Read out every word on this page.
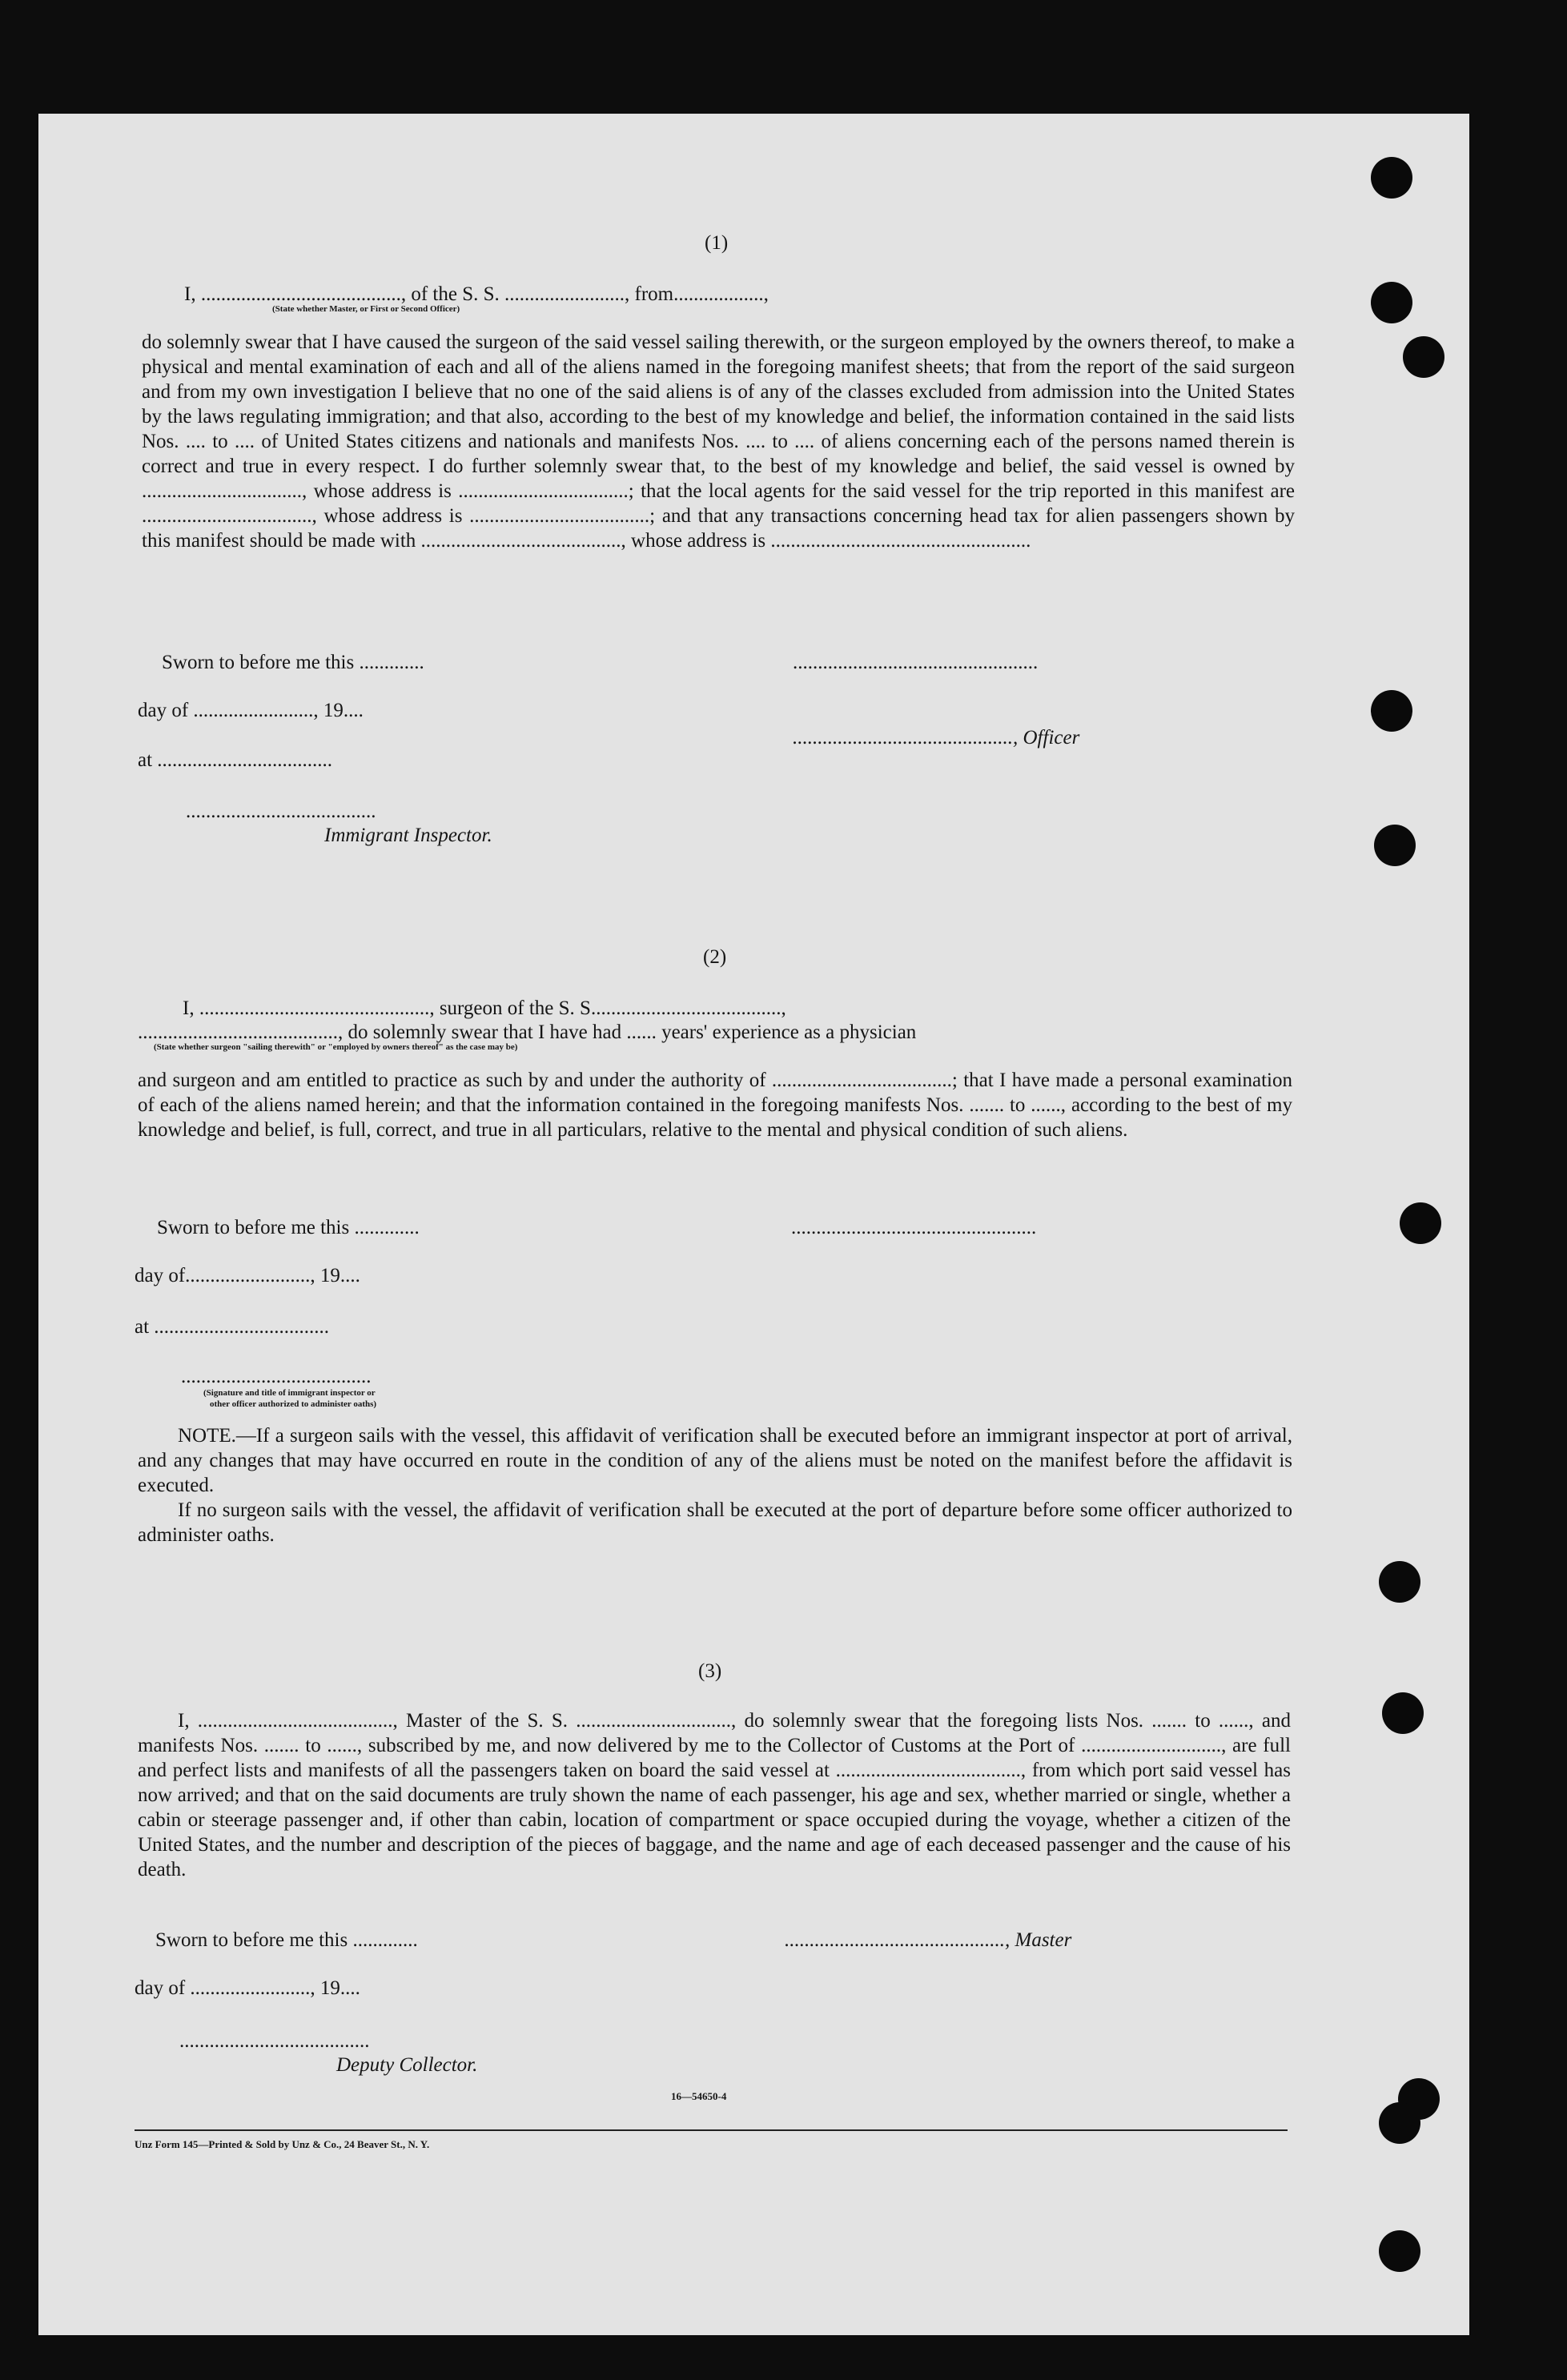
(1)
I, ........................................, of the S. S. ........................, from..................,
(State whether Master, or First or Second Officer)

do solemnly swear that I have caused the surgeon of the said vessel sailing therewith, or the surgeon employed by the owners thereof, to make a physical and mental examination of each and all of the aliens named in the foregoing manifest sheets; that from the report of the said surgeon and from my own investigation I believe that no one of the said aliens is of any of the classes excluded from admission into the United States by the laws regulating immigration; and that also, according to the best of my knowledge and belief, the information contained in the said lists Nos. .... to .... of United States citizens and nationals and manifests Nos. .... to .... of aliens concerning each of the persons named therein is correct and true in every respect. I do further solemnly swear that, to the best of my knowledge and belief, the said vessel is owned by ................................, whose address is ..................................; that the local agents for the said vessel for the trip reported in this manifest are .................................., whose address is ....................................; and that any transactions concerning head tax for alien passengers shown by this manifest should be made with ........................................, whose address is ....................................................

Sworn to before me this .............	.................................................
day of ........................, 19....
............................................, Officer
at ...................................
......................................
Immigrant Inspector.
(2)
I, .............................................., surgeon of the S. S......................................,
........................................, do solemnly swear that I have had ...... years' experience as a physician
(State whether surgeon "sailing therewith" or "employed by owners thereof" as the case may be)

and surgeon and am entitled to practice as such by and under the authority of ....................................; that I have made a personal examination of each of the aliens named herein; and that the information contained in the foregoing manifests Nos. ....... to ......, according to the best of my knowledge and belief, is full, correct, and true in all particulars, relative to the mental and physical condition of such aliens.

Sworn to before me this .............	.................................................
day of........................., 19....
at ...................................
......................................
(Signature and title of immigrant inspector or
other officer authorized to administer oaths)

NOTE.—If a surgeon sails with the vessel, this affidavit of verification shall be executed before an immigrant inspector at port of arrival, and any changes that may have occurred en route in the condition of any of the aliens must be noted on the manifest before the affidavit is executed.

If no surgeon sails with the vessel, the affidavit of verification shall be executed at the port of departure before some officer authorized to administer oaths.

(3)

I, ......................................., Master of the S. S. ..............................., do solemnly swear that the foregoing lists Nos. ....... to ......, and manifests Nos. ....... to ......, subscribed by me, and now delivered by me to the Collector of Customs at the Port of ............................, are full and perfect lists and manifests of all the passengers taken on board the said vessel at ....................................., from which port said vessel has now arrived; and that on the said documents are truly shown the name of each passenger, his age and sex, whether married or single, whether a cabin or steerage passenger and, if other than cabin, location of compartment or space occupied during the voyage, whether a citizen of the United States, and the number and description of the pieces of baggage, and the name and age of each deceased passenger and the cause of his death.

Sworn to before me this .............	............................................, Master
day of ........................, 19....
......................................
Deputy Collector.
16—54650-4
Unz Form 145—Printed & Sold by Unz & Co., 24 Beaver St., N. Y.
